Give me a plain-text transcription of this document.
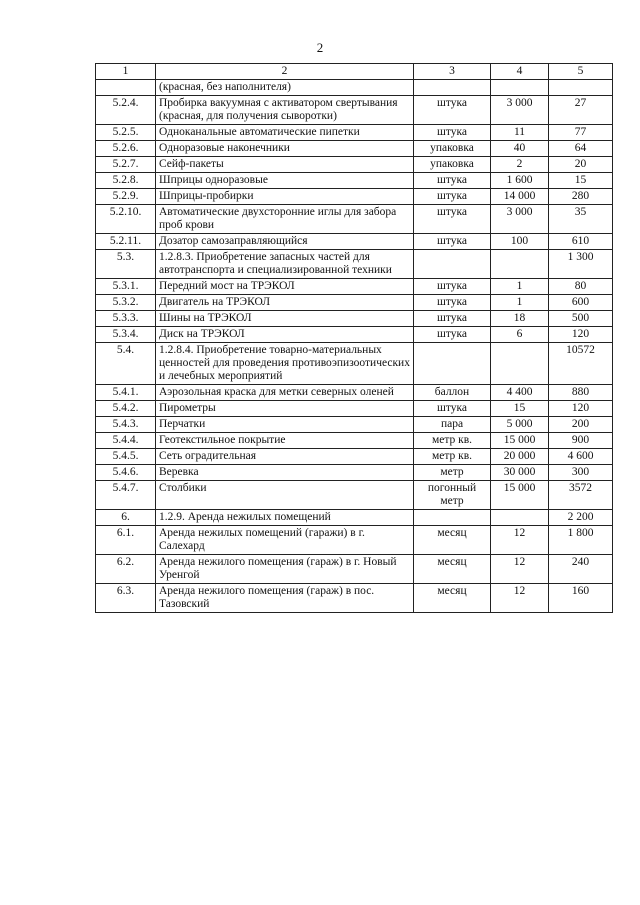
2
1	2	3	4	5
	(красная, без наполнителя)			
5.2.4.	Пробирка вакуумная с активатором свертывания (красная, для получения сыворотки)	штука	3 000	27
5.2.5.	Одноканальные автоматические пипетки	штука	11	77
5.2.6.	Одноразовые наконечники	упаковка	40	64
5.2.7.	Сейф-пакеты	упаковка	2	20
5.2.8.	Шприцы одноразовые	штука	1 600	15
5.2.9.	Шприцы-пробирки	штука	14 000	280
5.2.10.	Автоматические двухсторонние иглы для забора проб крови	штука	3 000	35
5.2.11.	Дозатор самозаправляющийся	штука	100	610
5.3.	1.2.8.3. Приобретение запасных частей для автотранспорта и специализированной техники			1 300
5.3.1.	Передний мост на ТРЭКОЛ	штука	1	80
5.3.2.	Двигатель на ТРЭКОЛ	штука	1	600
5.3.3.	Шины на ТРЭКОЛ	штука	18	500
5.3.4.	Диск на ТРЭКОЛ	штука	6	120
5.4.	1.2.8.4. Приобретение товарно-материальных ценностей для проведения противоэпизоотических и лечебных мероприятий			10572
5.4.1.	Аэрозольная краска для метки северных оленей	баллон	4 400	880
5.4.2.	Пирометры	штука	15	120
5.4.3.	Перчатки	пара	5 000	200
5.4.4.	Геотекстильное покрытие	метр кв.	15 000	900
5.4.5.	Сеть оградительная	метр кв.	20 000	4 600
5.4.6.	Веревка	метр	30 000	300
5.4.7.	Столбики	погонный метр	15 000	3572
6.	1.2.9. Аренда нежилых помещений			2 200
6.1.	Аренда нежилых помещений (гаражи) в г. Салехард	месяц	12	1 800
6.2.	Аренда нежилого помещения (гараж) в г. Новый Уренгой	месяц	12	240
6.3.	Аренда нежилого помещения (гараж) в пос. Тазовский	месяц	12	160
